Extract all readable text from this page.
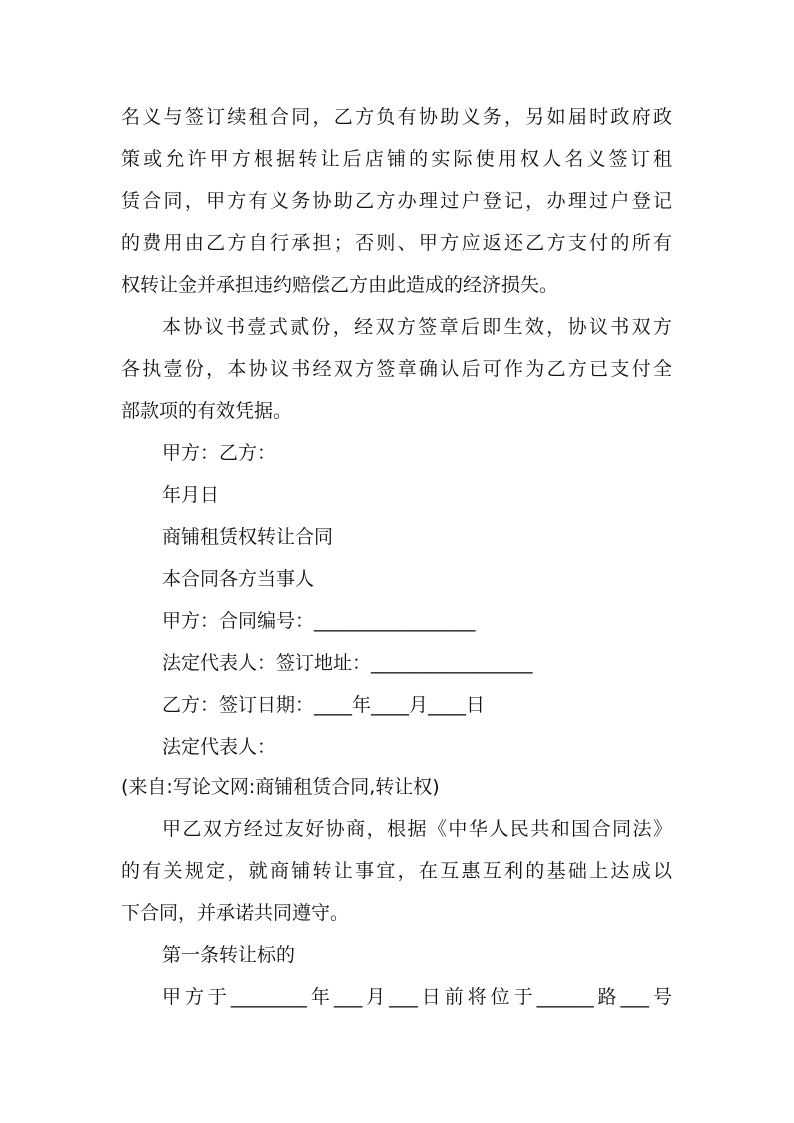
名义与签订续租合同，乙方负有协助义务，另如届时政府政
策或允许甲方根据转让后店铺的实际使用权人名义签订租
赁合同，甲方有义务协助乙方办理过户登记，办理过户登记
的费用由乙方自行承担；否则、甲方应返还乙方支付的所有
权转让金并承担违约赔偿乙方由此造成的经济损失。
本协议书壹式贰份，经双方签章后即生效，协议书双方
各执壹份，本协议书经双方签章确认后可作为乙方已支付全
部款项的有效凭据。
甲方：乙方：
年月日
商铺租赁权转让合同
本合同各方当事人
甲方：合同编号：_________________
法定代表人：签订地址：_________________
乙方：签订日期：____年____月____日
法定代表人：
(来自:写论文网:商铺租赁合同,转让权)
甲乙双方经过友好协商，根据《中华人民共和国合同法》
的有关规定，就商铺转让事宜，在互惠互利的基础上达成以
下合同，并承诺共同遵守。
第一条转让标的
甲方于________年___月___日前将位于______路___号
